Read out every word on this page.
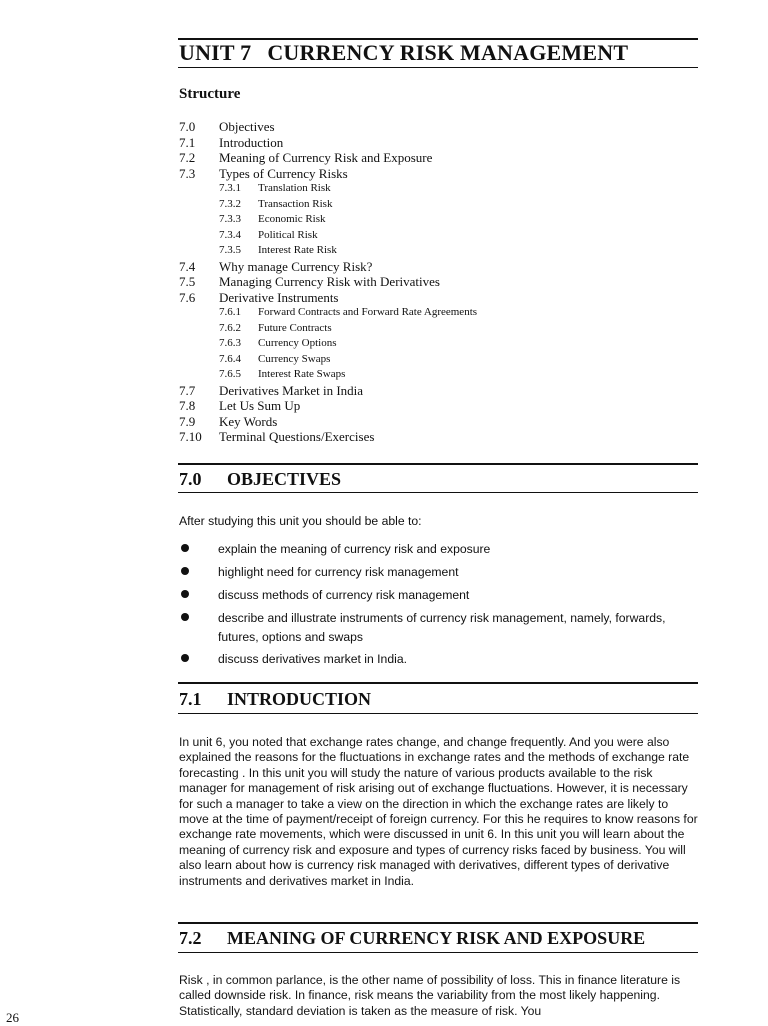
UNIT 7 CURRENCY RISK MANAGEMENT
Structure
7.0 Objectives
7.1 Introduction
7.2 Meaning of Currency Risk and Exposure
7.3 Types of Currency Risks
7.3.1 Translation Risk
7.3.2 Transaction Risk
7.3.3 Economic Risk
7.3.4 Political Risk
7.3.5 Interest Rate Risk
7.4 Why manage Currency Risk?
7.5 Managing Currency Risk with Derivatives
7.6 Derivative Instruments
7.6.1 Forward Contracts and Forward Rate Agreements
7.6.2 Future Contracts
7.6.3 Currency Options
7.6.4 Currency Swaps
7.6.5 Interest Rate Swaps
7.7 Derivatives Market in India
7.8 Let Us Sum Up
7.9 Key Words
7.10 Terminal Questions/Exercises
7.0 OBJECTIVES
After studying this unit you should be able to:
explain the meaning of currency risk and exposure
highlight need for currency risk management
discuss methods of currency risk management
describe and illustrate instruments of currency risk management, namely, forwards, futures, options and swaps
discuss derivatives market in India.
7.1 INTRODUCTION
In unit 6, you noted that exchange rates change, and change frequently. And you were also explained the reasons for the fluctuations in exchange rates and the methods of exchange rate forecasting . In this unit you will study the nature of various products available to the risk manager for management of risk arising out of exchange fluctuations. However, it is necessary for such a manager to take a view on the direction in which the exchange rates are likely to move at the time of payment/receipt of foreign currency. For this he requires to know reasons for exchange rate movements, which were discussed in unit 6. In this unit you will learn about the meaning of currency risk and exposure and types of currency risks faced by business. You will also learn about how is currency risk managed with derivatives, different types of derivative instruments and derivatives market in India.
7.2 MEANING OF CURRENCY RISK AND EXPOSURE
Risk , in common parlance, is the other name of possibility of loss. This in finance literature is called downside risk. In finance, risk means the variability from the most likely happening. Statistically, standard deviation is taken as the measure of risk. You
26
